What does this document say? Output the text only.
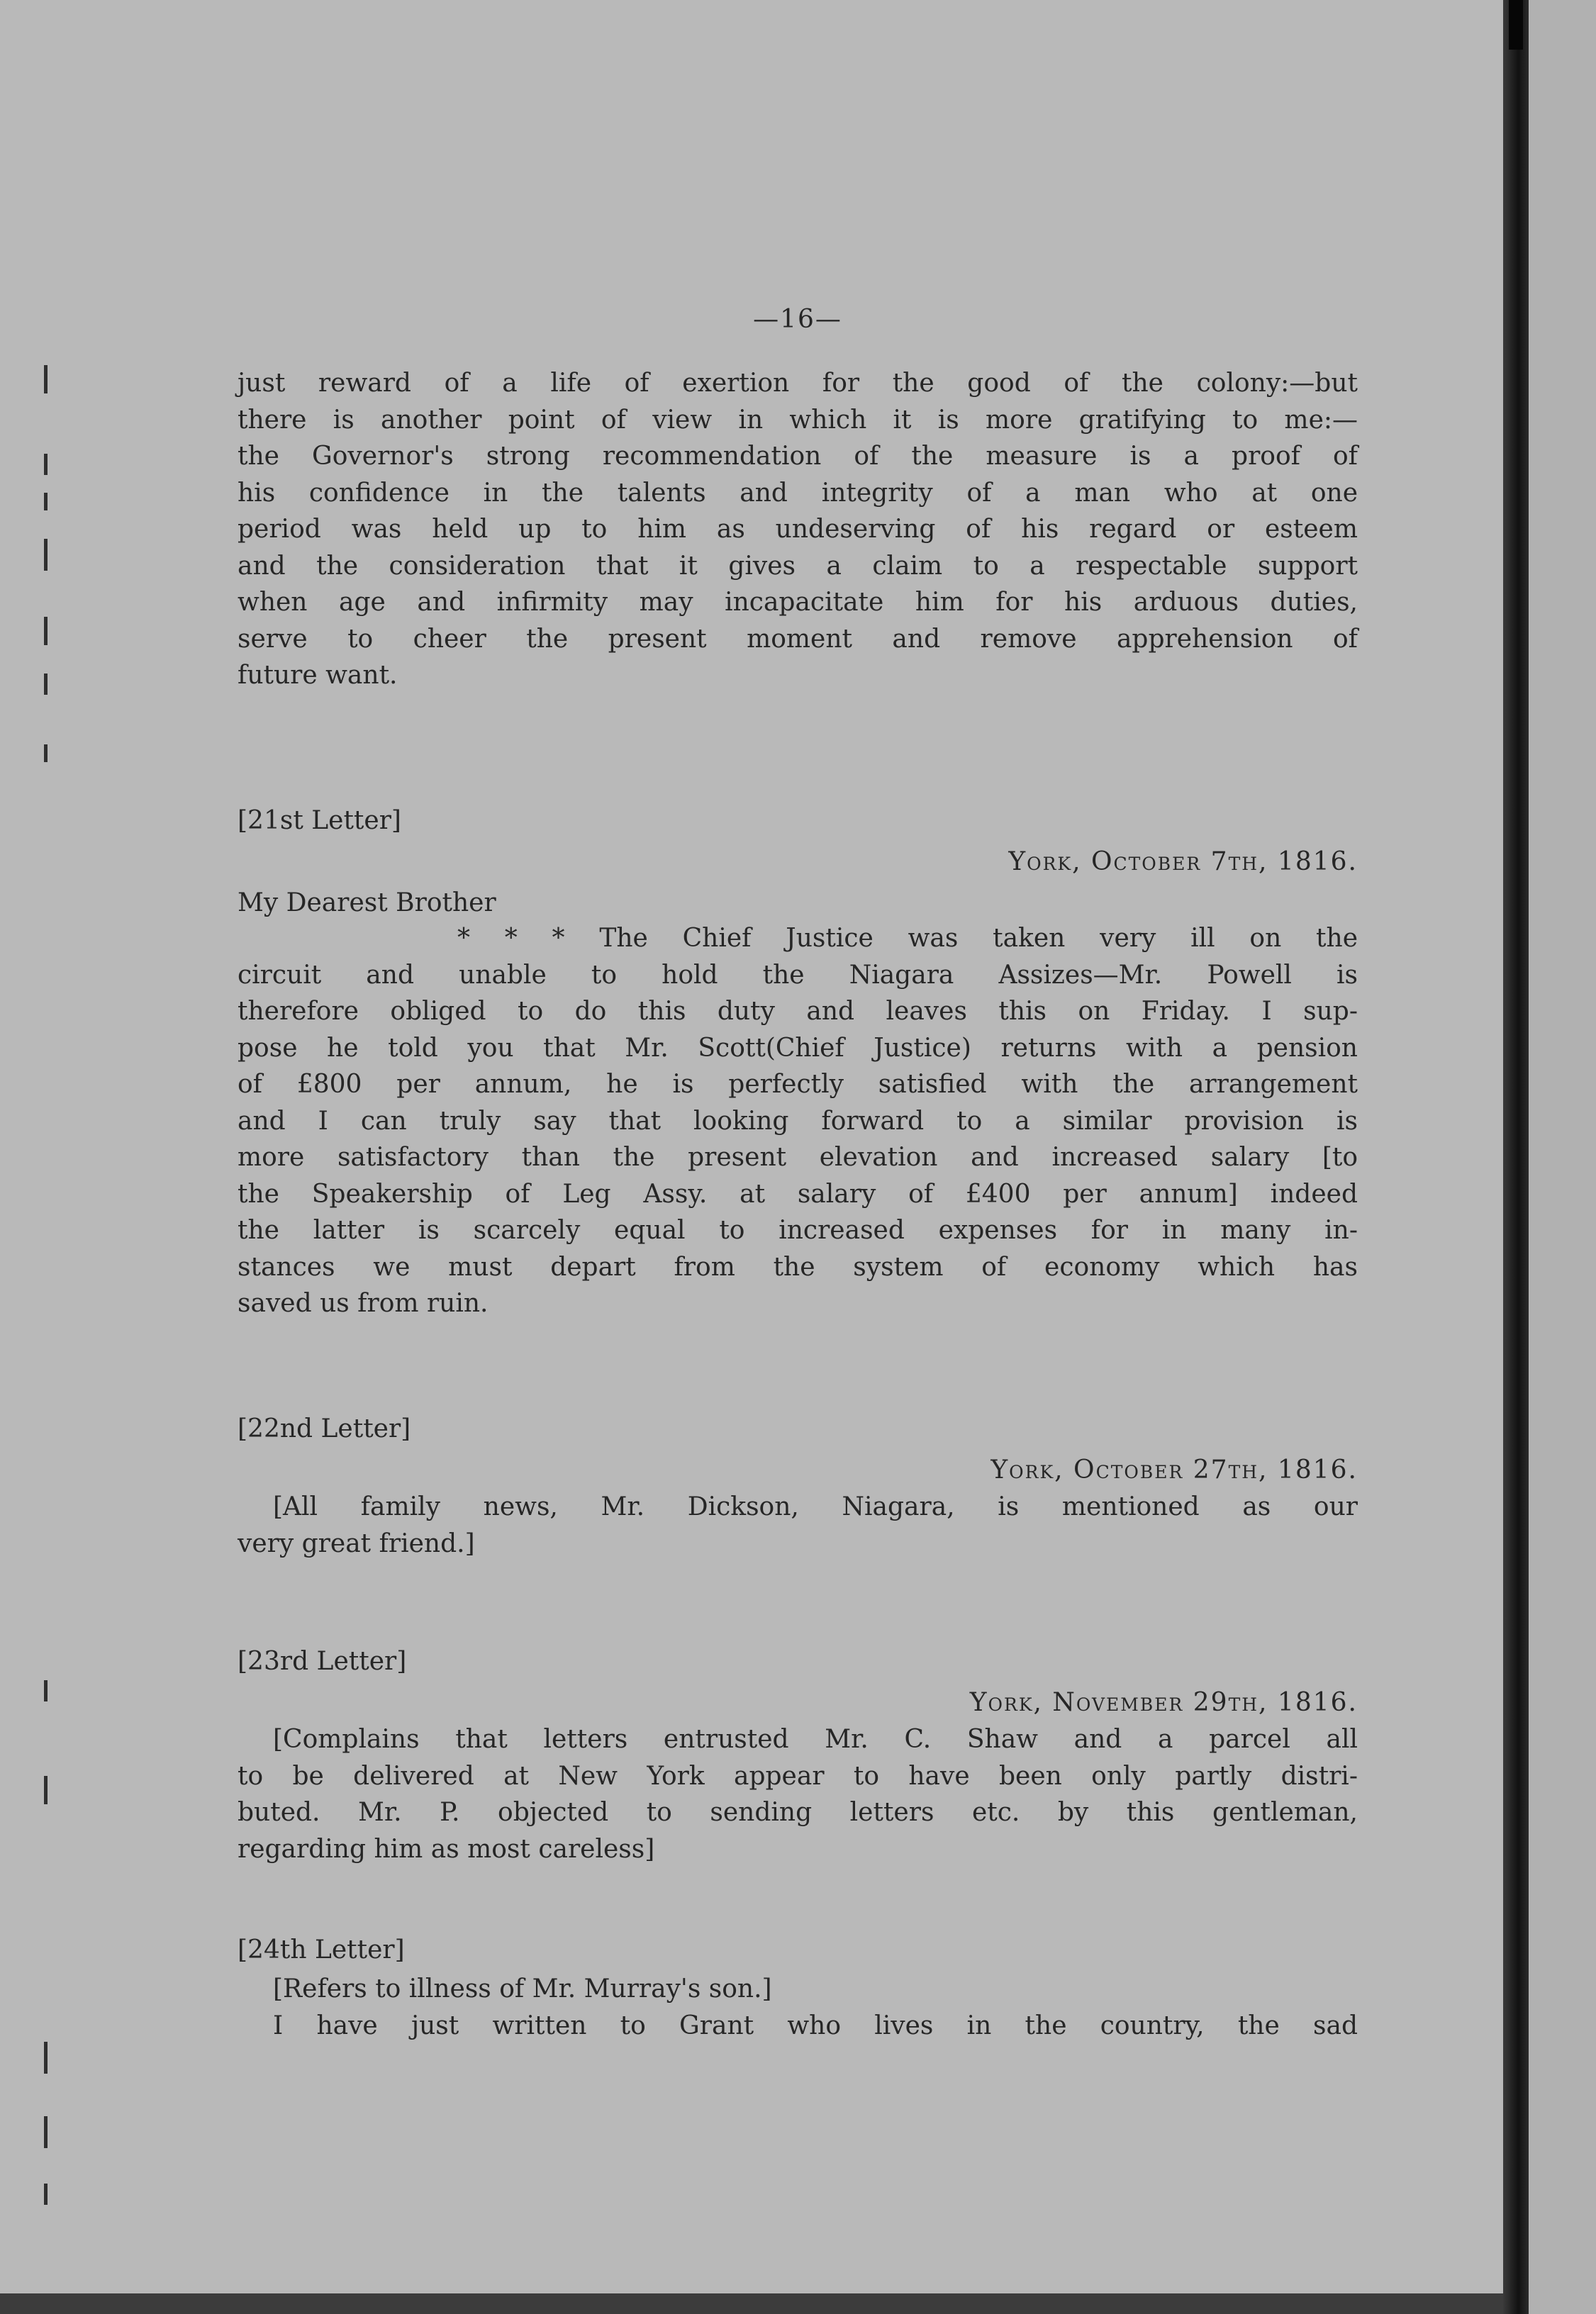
—16—
just reward of a life of exertion for the good of the colony:—but
there is another point of view in which it is more gratifying to me:—
the Governor's strong recommendation of the measure is a proof of
his confidence in the talents and integrity of a man who at one
period was held up to him as undeserving of his regard or esteem
and the consideration that it gives a claim to a respectable support
when age and infirmity may incapacitate him for his arduous duties,
serve to cheer the present moment and remove apprehension of
future want.

[21st Letter]

York, October 7th, 1816.

My Dearest Brother

* * * The Chief Justice was taken very ill on the
circuit and unable to hold the Niagara Assizes—Mr. Powell is
therefore obliged to do this duty and leaves this on Friday. I sup-
pose he told you that Mr. Scott(Chief Justice) returns with a pension
of £800 per annum, he is perfectly satisfied with the arrangement
and I can truly say that looking forward to a similar provision is
more satisfactory than the present elevation and increased salary [to
the Speakership of Leg Assy. at salary of £400 per annum] indeed
the latter is scarcely equal to increased expenses for in many in-
stances we must depart from the system of economy which has
saved us from ruin.

[22nd Letter]

York, October 27th, 1816.

[All family news, Mr. Dickson, Niagara, is mentioned as our
very great friend.]

[23rd Letter]

York, November 29th, 1816.

[Complains that letters entrusted Mr. C. Shaw and a parcel all
to be delivered at New York appear to have been only partly distri-
buted. Mr. P. objected to sending letters etc. by this gentleman,
regarding him as most careless]

[24th Letter]

[Refers to illness of Mr. Murray's son.]
I have just written to Grant who lives in the country, the sad
